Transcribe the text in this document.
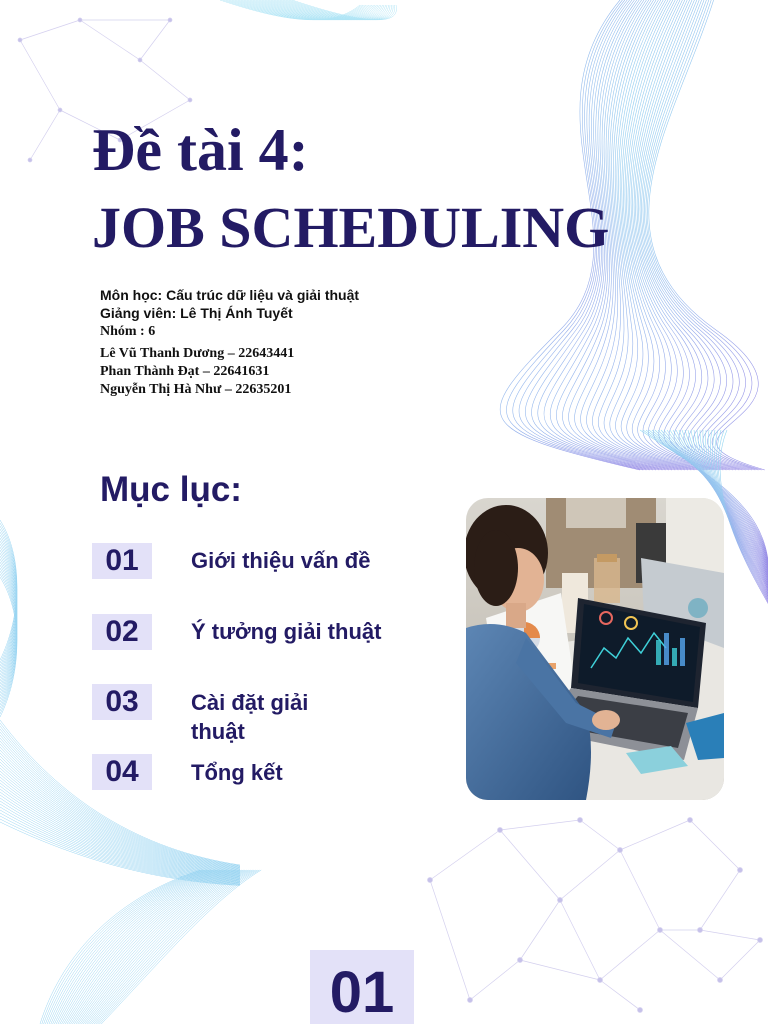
Đề tài 4:
JOB SCHEDULING
Môn học: Cấu trúc dữ liệu và giải thuật
Giảng viên: Lê Thị Ánh Tuyết
Nhóm : 6
Lê Vũ Thanh Dương – 22643441
Phan Thành Đạt – 22641631
Nguyễn Thị Hà Như – 22635201
Mục lục:
01	Giới thiệu vấn đề
02	Ý tưởng giải thuật
03	Cài đặt giải thuật
04	Tổng kết
01
